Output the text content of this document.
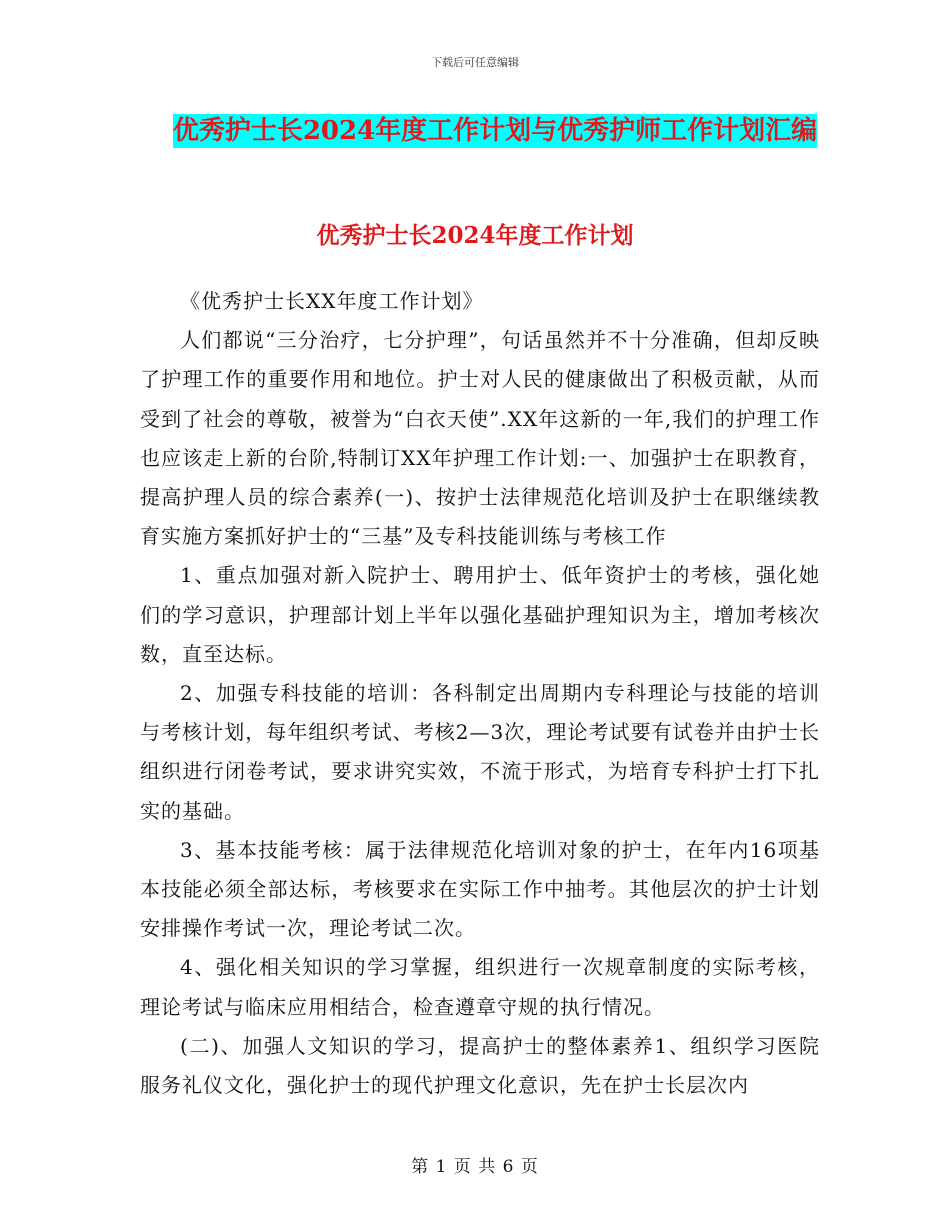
下载后可任意编辑
优秀护士长2024年度工作计划与优秀护师工作计划汇编
优秀护士长2024年度工作计划

《优秀护士长XX年度工作计划》

人们都说“三分治疗，七分护理”，句话虽然并不十分准确，但却反映了护理工作的重要作用和地位。护士对人民的健康做出了积极贡献，从而受到了社会的尊敬，被誉为“白衣天使”.XX年这新的一年,我们的护理工作也应该走上新的台阶,特制订XX年护理工作计划:一、加强护士在职教育，提高护理人员的综合素养(一)、按护士法律规范化培训及护士在职继续教育实施方案抓好护士的“三基”及专科技能训练与考核工作

1、重点加强对新入院护士、聘用护士、低年资护士的考核，强化她们的学习意识，护理部计划上半年以强化基础护理知识为主，增加考核次数，直至达标。

2、加强专科技能的培训：各科制定出周期内专科理论与技能的培训与考核计划，每年组织考试、考核2—3次，理论考试要有试卷并由护士长组织进行闭卷考试，要求讲究实效，不流于形式，为培育专科护士打下扎实的基础。

3、基本技能考核：属于法律规范化培训对象的护士，在年内16项基本技能必须全部达标，考核要求在实际工作中抽考。其他层次的护士计划安排操作考试一次，理论考试二次。

4、强化相关知识的学习掌握，组织进行一次规章制度的实际考核，理论考试与临床应用相结合，检查遵章守规的执行情况。

(二)、加强人文知识的学习，提高护士的整体素养1、组织学习医院服务礼仪文化，强化护士的现代护理文化意识，先在护士长层次内

第 1 页 共 6 页
